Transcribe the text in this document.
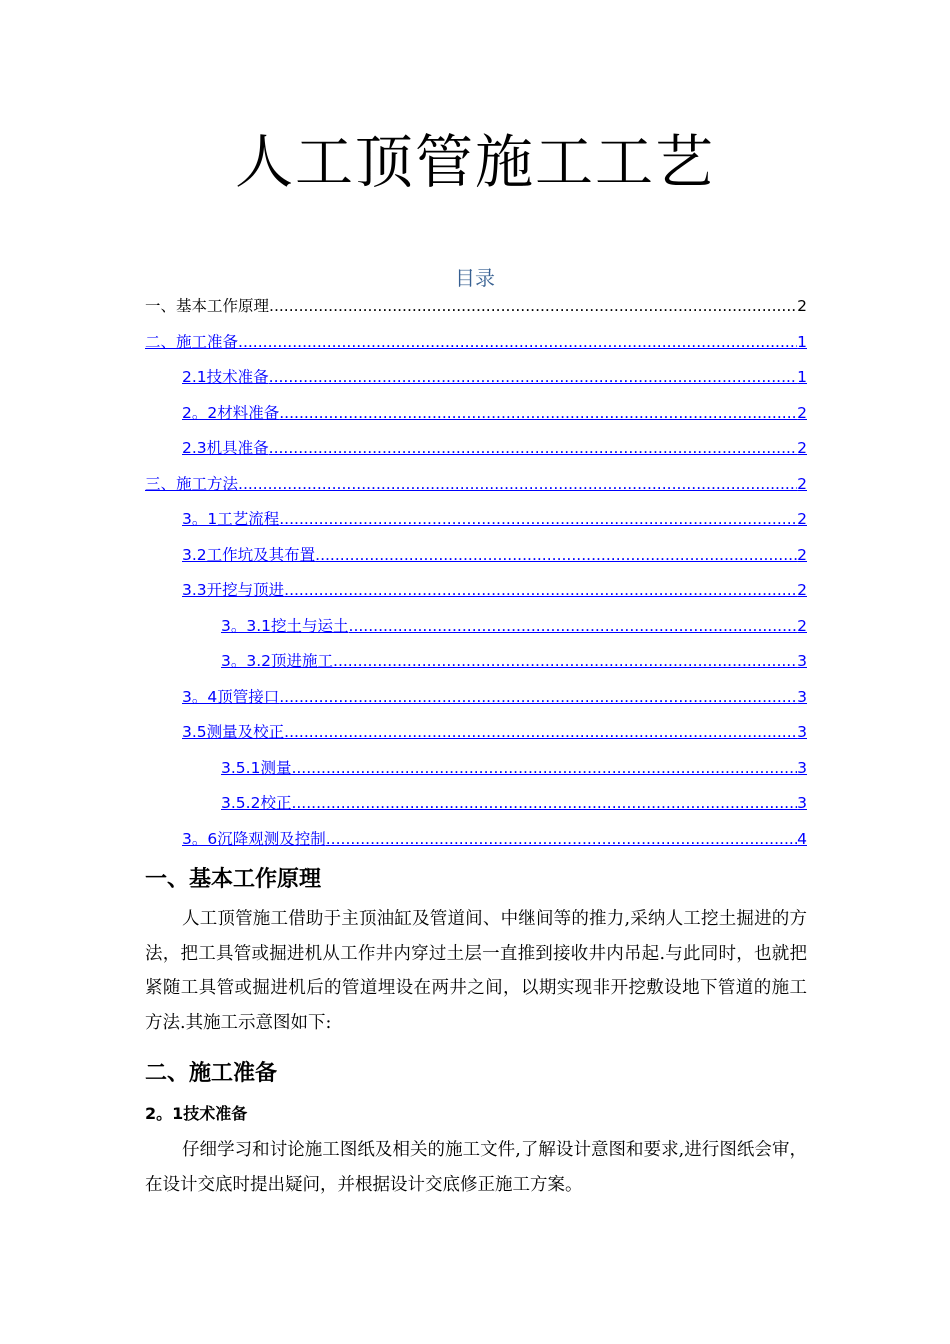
人工顶管施工工艺
目录
一、基本工作原理 .....	2
二、施工准备 .....	1
2.1技术准备 .....	1
2。2材料准备 .....	2
2.3机具准备 .....	2
三、施工方法 .....	2
3。1工艺流程 .....	2
3.2工作坑及其布置 .....	2
3.3开挖与顶进 .....	2
3。3.1挖土与运土 .....	2
3。3.2顶进施工 .....	3
3。4顶管接口 .....	3
3.5测量及校正 .....	3
3.5.1测量 .....	3
3.5.2校正 .....	3
3。6沉降观测及控制 .....	4
一、基本工作原理
人工顶管施工借助于主顶油缸及管道间、中继间等的推力,采纳人工挖土掘进的方法，把工具管或掘进机从工作井内穿过土层一直推到接收井内吊起.与此同时，也就把紧随工具管或掘进机后的管道埋设在两井之间，以期实现非开挖敷设地下管道的施工方法.其施工示意图如下:
二、施工准备
2。1技术准备
仔细学习和讨论施工图纸及相关的施工文件,了解设计意图和要求,进行图纸会审，在设计交底时提出疑问，并根据设计交底修正施工方案。
